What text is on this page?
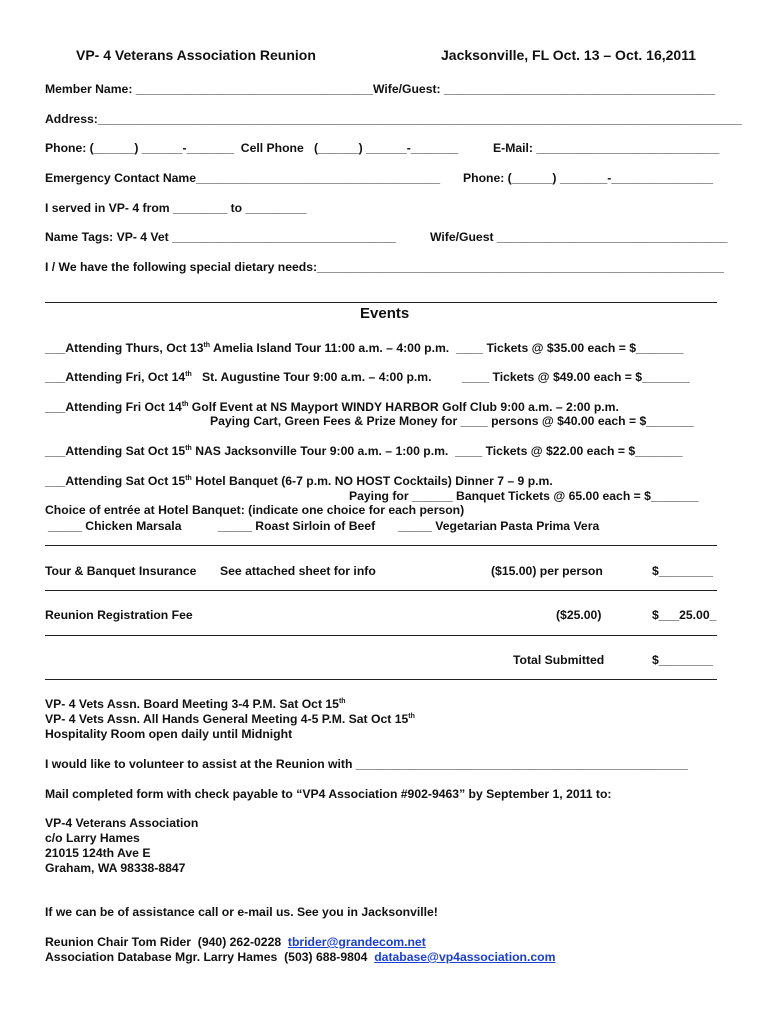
VP- 4 Veterans Association Reunion	Jacksonville, FL Oct. 13 – Oct. 16,2011
Member Name: ___________________________________Wife/Guest: ________________________________________
Address:_______________________________________________________________________________________________
Phone: (______) ______-_______  Cell Phone   (______) ______-_______	E-Mail: ___________________________
Emergency Contact Name____________________________________ Phone: (______) _______-_______________
I served in VP- 4 from ________ to _________
Name Tags: VP- 4 Vet _________________________________	Wife/Guest __________________________________
I / We have the following special dietary needs:____________________________________________________________
Events
___Attending Thurs, Oct 13th Amelia Island Tour 11:00 a.m. – 4:00 p.m.  ____ Tickets @ $35.00 each = $_______
___Attending Fri, Oct 14th   St. Augustine Tour 9:00 a.m. – 4:00 p.m.         ____ Tickets @ $49.00 each = $_______
___Attending Fri Oct 14th Golf Event at NS Mayport WINDY HARBOR Golf Club 9:00 a.m. – 2:00 p.m.
Paying Cart, Green Fees & Prize Money for ____ persons @ $40.00 each = $_______
___Attending Sat Oct 15th NAS Jacksonville Tour 9:00 a.m. – 1:00 p.m.  ____ Tickets @ $22.00 each = $_______
___Attending Sat Oct 15th Hotel Banquet (6-7 p.m. NO HOST Cocktails) Dinner 7 – 9 p.m.
Paying for ______ Banquet Tickets @ 65.00 each = $_______
Choice of entrée at Hotel Banquet: (indicate one choice for each person)
_____ Chicken Marsala	_____ Roast Sirloin of Beef _____ Vegetarian Pasta Prima Vera
Tour & Banquet Insurance See attached sheet for info	($15.00) per person	$________
Reunion Registration Fee	($25.00)	$___25.00_
Total Submitted	$________
VP- 4 Vets Assn. Board Meeting 3-4 P.M. Sat Oct 15th
VP- 4 Vets Assn. All Hands General Meeting 4-5 P.M. Sat Oct 15th
Hospitality Room open daily until Midnight
I would like to volunteer to assist at the Reunion with _________________________________________________
Mail completed form with check payable to “VP4 Association #902-9463” by September 1, 2011 to:
VP-4 Veterans Association
c/o Larry Hames
21015 124th Ave E
Graham, WA 98338-8847
If we can be of assistance call or e-mail us. See you in Jacksonville!
Reunion Chair Tom Rider  (940) 262-0228  tbrider@grandecom.net
Association Database Mgr. Larry Hames  (503) 688-9804  database@vp4association.com
